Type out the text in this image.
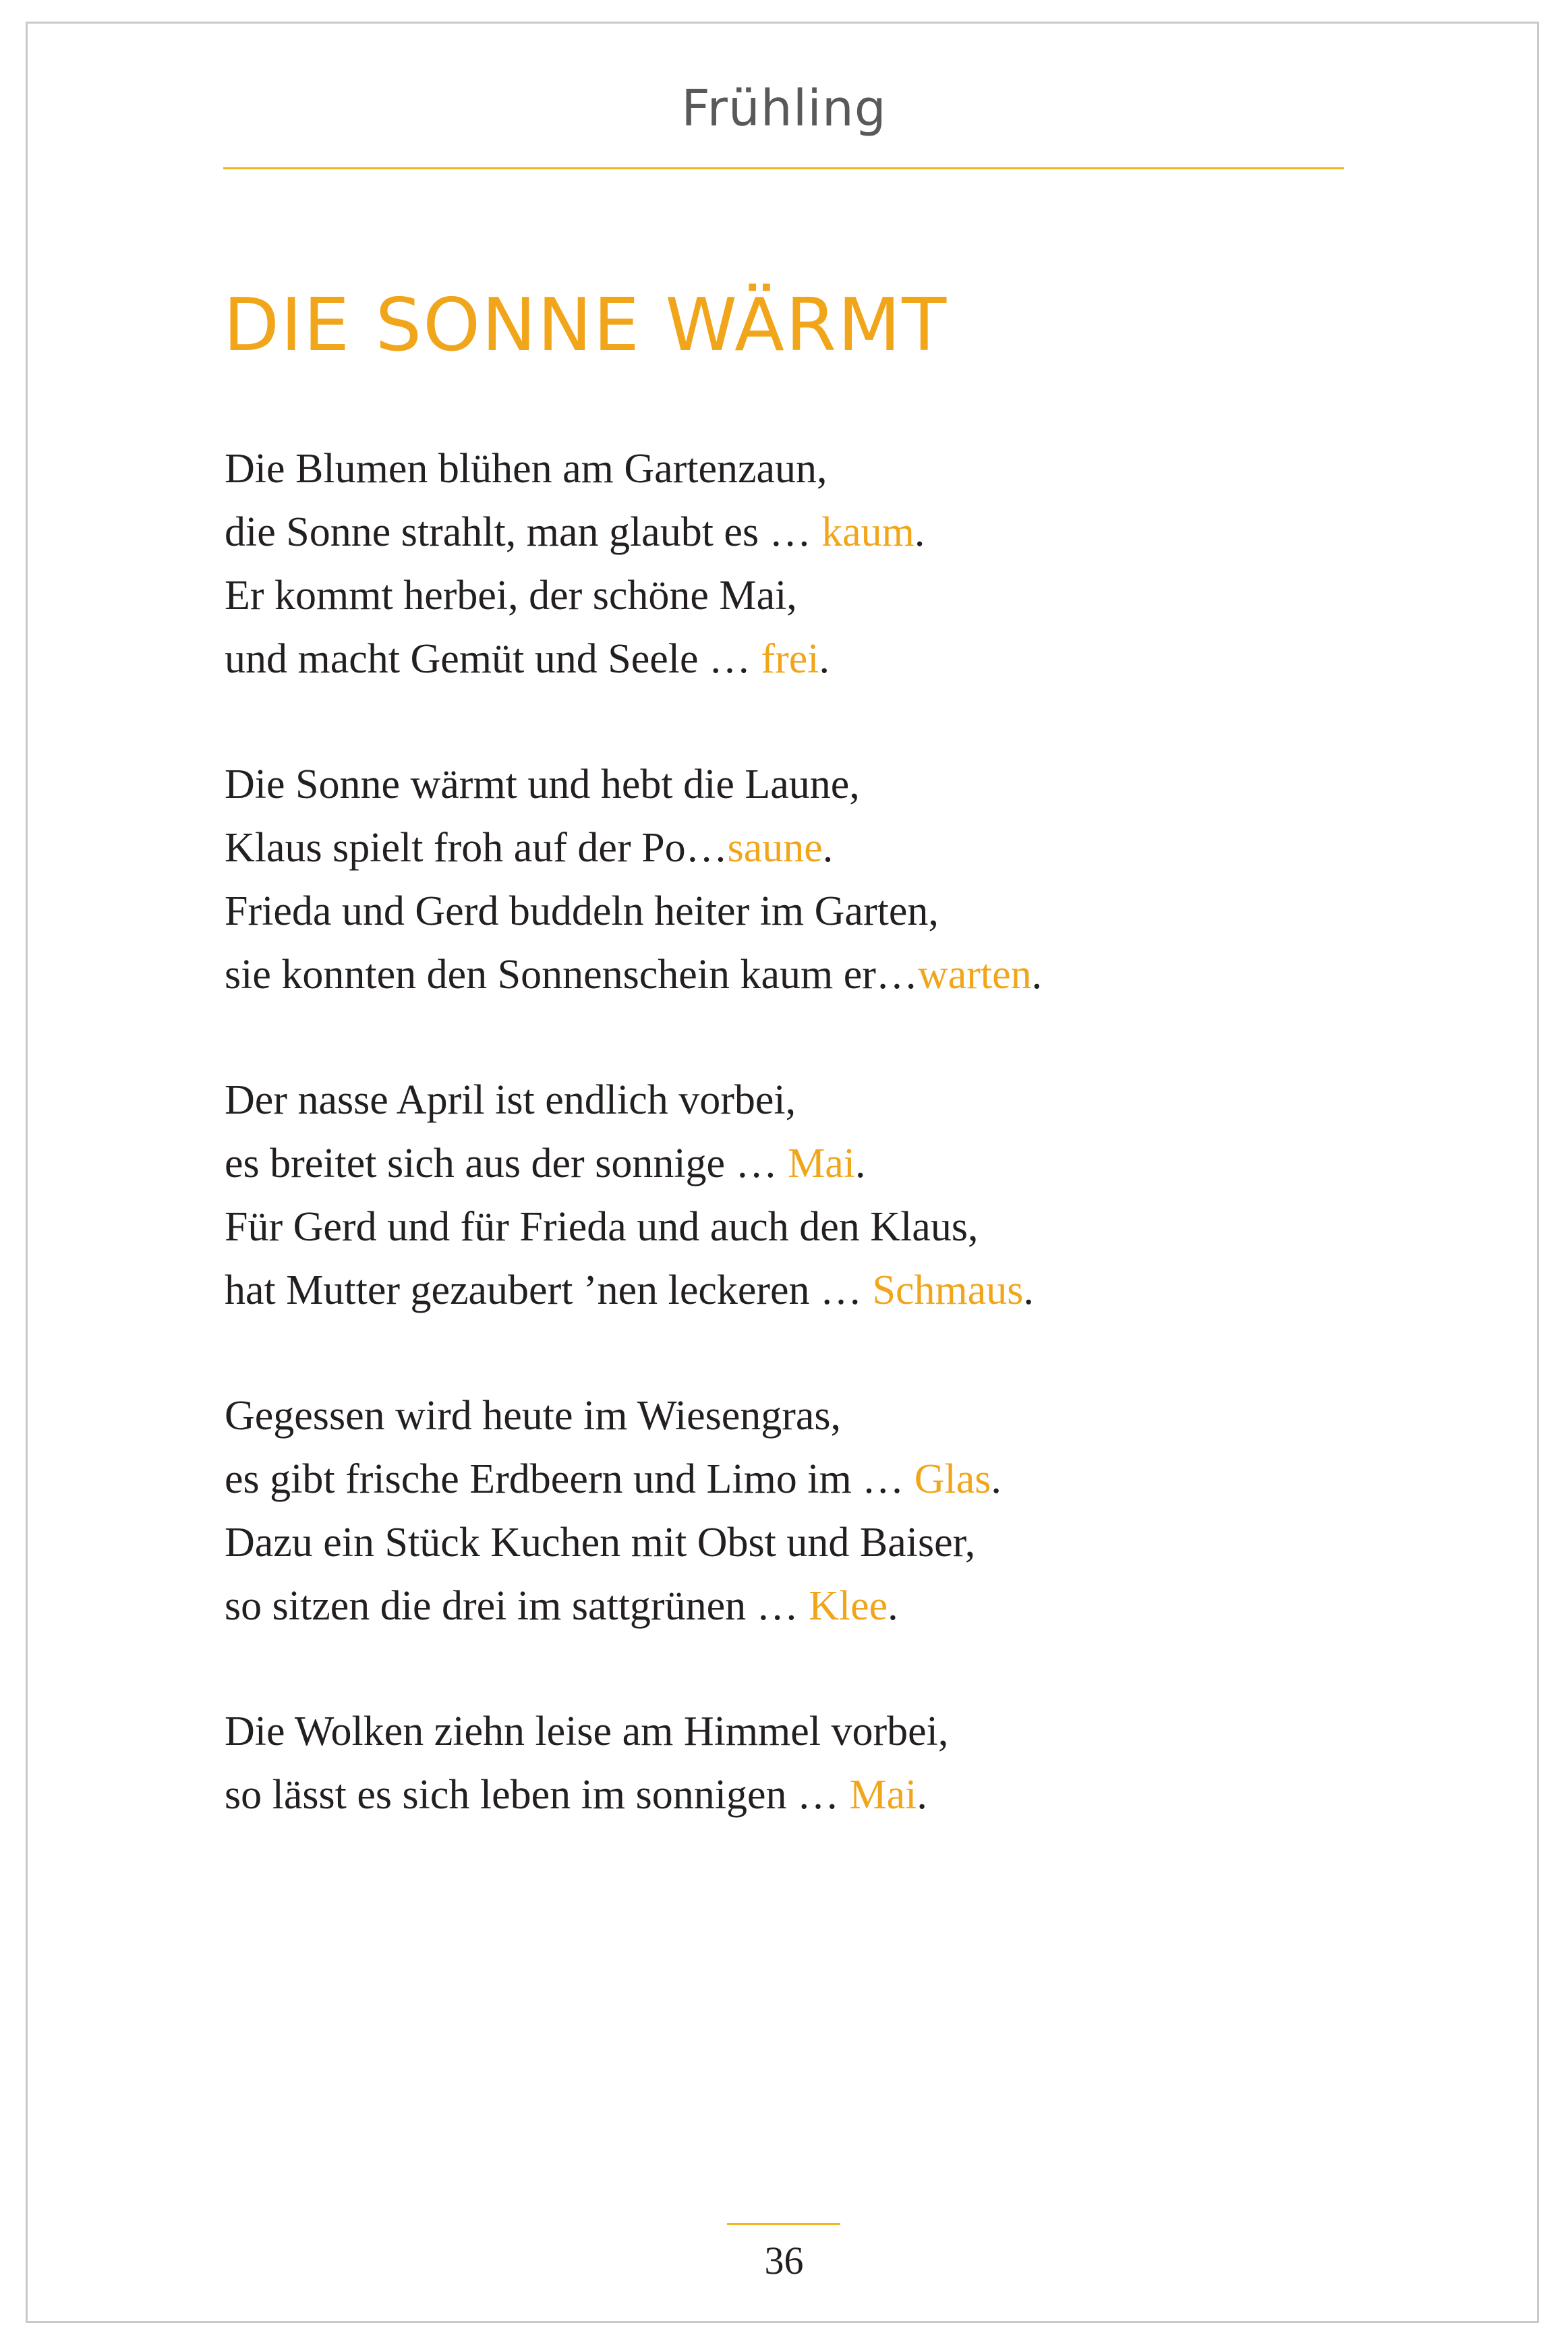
Frühling
DIE SONNE WÄRMT
Die Blumen blühen am Gartenzaun,
die Sonne strahlt, man glaubt es … kaum.
Er kommt herbei, der schöne Mai,
und macht Gemüt und Seele … frei.
Die Sonne wärmt und hebt die Laune,
Klaus spielt froh auf der Po…saune.
Frieda und Gerd buddeln heiter im Garten,
sie konnten den Sonnenschein kaum er…warten.
Der nasse April ist endlich vorbei,
es breitet sich aus der sonnige … Mai.
Für Gerd und für Frieda und auch den Klaus,
hat Mutter gezaubert ’nen leckeren … Schmaus.
Gegessen wird heute im Wiesengras,
es gibt frische Erdbeern und Limo im … Glas.
Dazu ein Stück Kuchen mit Obst und Baiser,
so sitzen die drei im sattgrünen … Klee.
Die Wolken ziehn leise am Himmel vorbei,
so lässt es sich leben im sonnigen … Mai.
36
